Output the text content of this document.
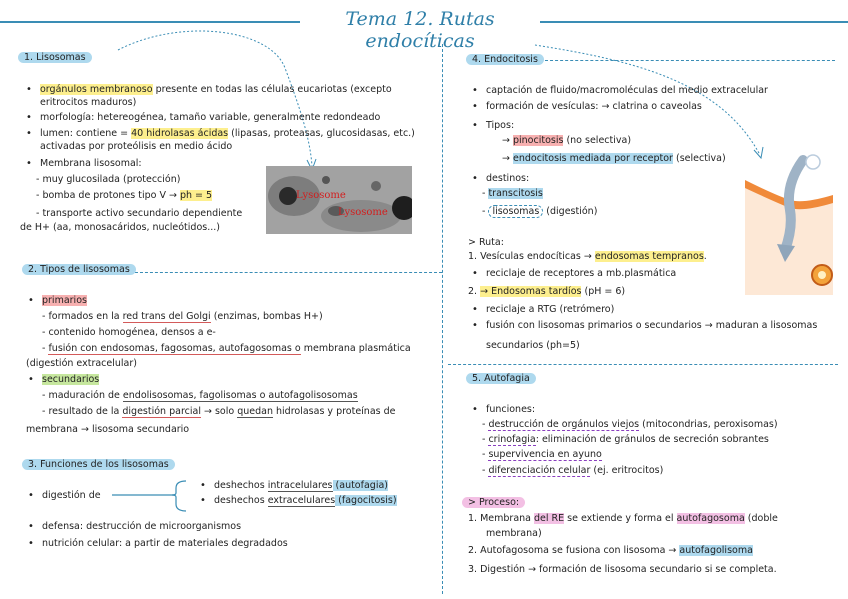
Tema 12. Rutas endocíticas
1. Lisosomas
• orgánulos membranoso presente en todas las células eucariotas (excepto
eritrocitos maduros)
• morfología: hetereogénea, tamaño variable, generalmente redondeado
• lumen: contiene = 40 hidrolasas ácidas (lipasas, proteasas, glucosidasas, etc.)
activadas por proteólisis en medio ácido
• Membrana lisosomal:
- muy glucosilada (protección)
- bomba de protones tipo V → ph = 5
- transporte activo secundario dependiente
de H+ (aa, monosacáridos, nucleótidos...)
Lysosome
Lysosome
2. Tipos de lisosomas
• primarios
- formados en la red trans del Golgi (enzimas, bombas H+)
- contenido homogénea, densos a e-
- fusión con endosomas, fagosomas, autofagosomas o membrana plasmática
(digestión extracelular)
• secundarios
- maduración de endolisosomas, fagolisomas o autofagolisosomas
- resultado de la digestión parcial → solo quedan hidrolasas y proteínas de
membrana → lisosoma secundario
3. Funciones de los lisosomas
• digestión de
• deshechos intracelulares (autofagia)
• deshechos extracelulares (fagocitosis)
• defensa: destrucción de microorganismos
• nutrición celular: a partir de materiales degradados
4. Endocitosis
• captación de fluido/macromoléculas del medio extracelular
• formación de vesículas: → clatrina o caveolas
• Tipos:
→ pinocitosis (no selectiva)
→ endocitosis mediada por receptor (selectiva)
• destinos:
- transcitosis
- lisosomas (digestión)
> Ruta:
1. Vesículas endocíticas → endosomas tempranos.
• reciclaje de receptores a mb.plasmática
2. → Endosomas tardíos (pH = 6)
• reciclaje a RTG (retrómero)
• fusión con lisosomas primarios o secundarios → maduran a lisosomas
secundarios (ph=5)
5. Autofagia
• funciones:
- destrucción de orgánulos viejos (mitocondrias, peroxisomas)
- crinofagia: eliminación de gránulos de secreción sobrantes
- supervivencia en ayuno
- diferenciación celular (ej. eritrocitos)
> Proceso:
1. Membrana del RE se extiende y forma el autofagosoma (doble
membrana)
2. Autofagosoma se fusiona con lisosoma → autofagolisoma
3. Digestión → formación de lisosoma secundario si se completa.
